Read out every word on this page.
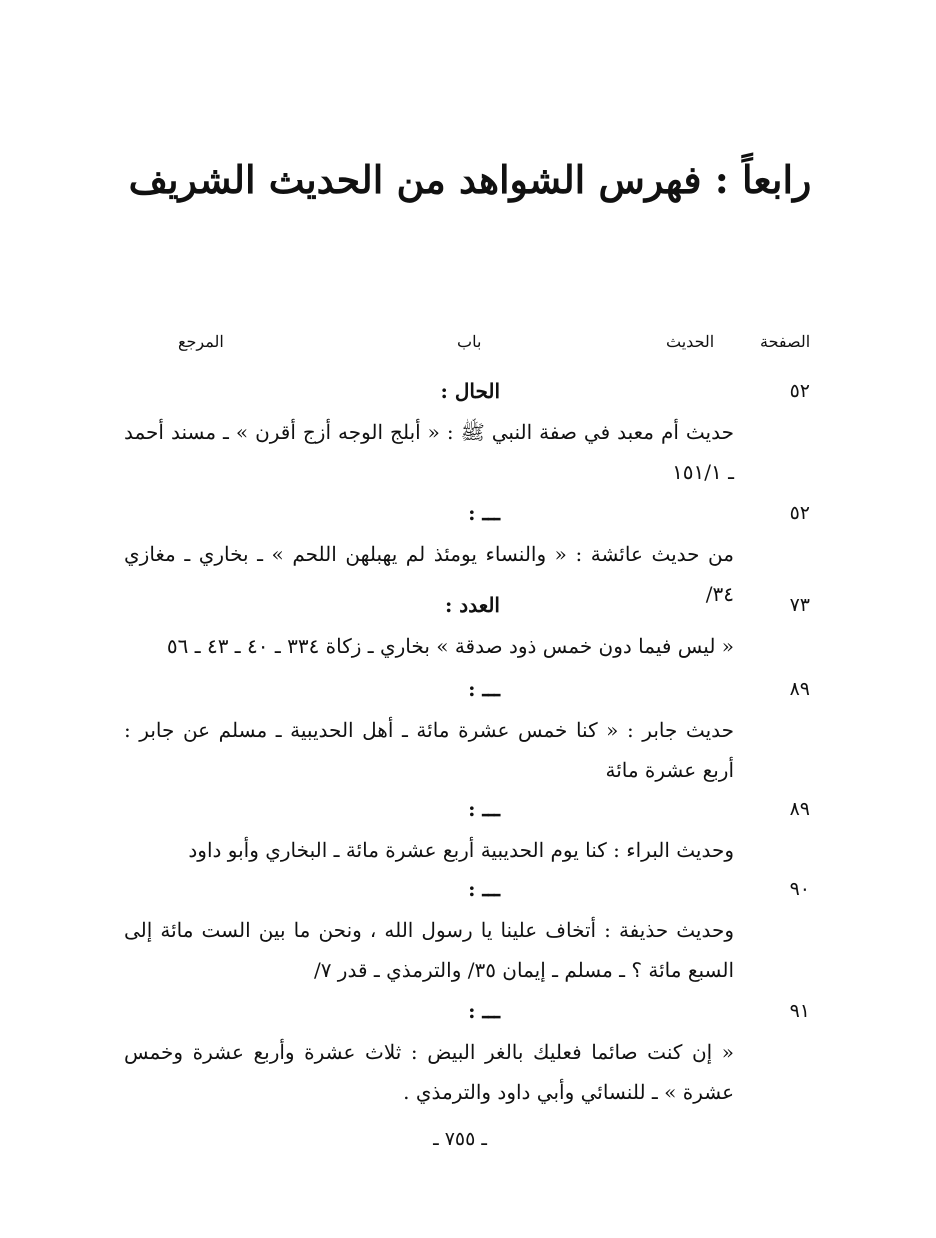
رابعاً : فهرس الشواهد من الحديث الشريف
الصفحة
الحديث
باب
المرجع
٥٢
الحال :
حديث أم معبد في صفة النبي ﷺ : « أبلج الوجه أزج أقرن » ـ مسند أحمد ـ ١٥١/١
٥٢
ـــ :
من حديث عائشة : « والنساء يومئذ لم يهبلهن اللحم » ـ بخاري ـ مغازي ٣٤/	٧٣
العدد :
« ليس فيما دون خمس ذود صدقة » بخاري ـ زكاة ٣٣٤ ـ ٤٠ ـ ٤٣ ـ ٥٦
٨٩
ـــ :
حديث جابر : « كنا خمس عشرة مائة ـ أهل الحديبية ـ مسلم عن جابر : أربع عشرة مائة
٨٩
ـــ :
وحديث البراء : كنا يوم الحديبية أربع عشرة مائة ـ البخاري وأبو داود
٩٠
ـــ :
وحديث حذيفة : أتخاف علينا يا رسول الله ، ونحن ما بين الست مائة إلى السبع مائة ؟ ـ مسلم ـ إيمان ٣٥/ والترمذي ـ قدر ٧/
٩١
ـــ :
« إن كنت صائما فعليك بالغر البيض : ثلاث عشرة وأربع عشرة وخمس عشرة » ـ للنسائي وأبي داود والترمذي .
ـ ٧٥٥ ـ
